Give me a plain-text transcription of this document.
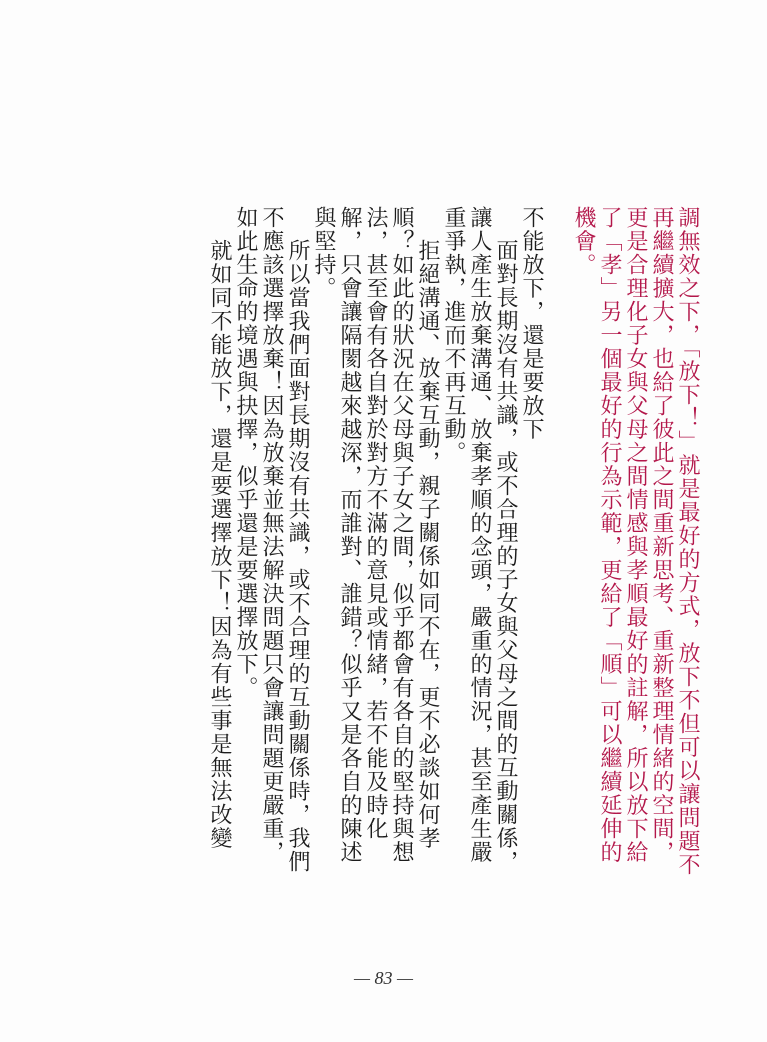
調無效之下，「放下！」就是最好的方式，放下不但可以讓問題不再繼續擴大，也給了彼此之間重新思考、重新整理情緒的空間，更是合理化子女與父母之間情感與孝順最好的註解，所以放下給了「孝」另一個最好的行為示範，更給了「順」可以繼續延伸的機會。

不能放下，還是要放下

面對長期沒有共識，或不合理的子女與父母之間的互動關係，讓人產生放棄溝通、放棄孝順的念頭，嚴重的情況，甚至產生嚴重爭執，進而不再互動。

拒絕溝通、放棄互動，親子關係如同不在，更不必談如何孝順？如此的狀況在父母與子女之間，似乎都會有各自的堅持與想法，甚至會有各自對於對方不滿的意見或情緒，若不能及時化解，只會讓隔閡越來越深，而誰對、誰錯？似乎又是各自的陳述與堅持。

所以當我們面對長期沒有共識，或不合理的互動關係時，我們不應該選擇放棄！因為放棄並無法解決問題只會讓問題更嚴重，如此生命的境遇與抉擇，似乎還是要選擇放下。

就如同不能放下，還是要選擇放下！因為有些事是無法改變

— 83 —
